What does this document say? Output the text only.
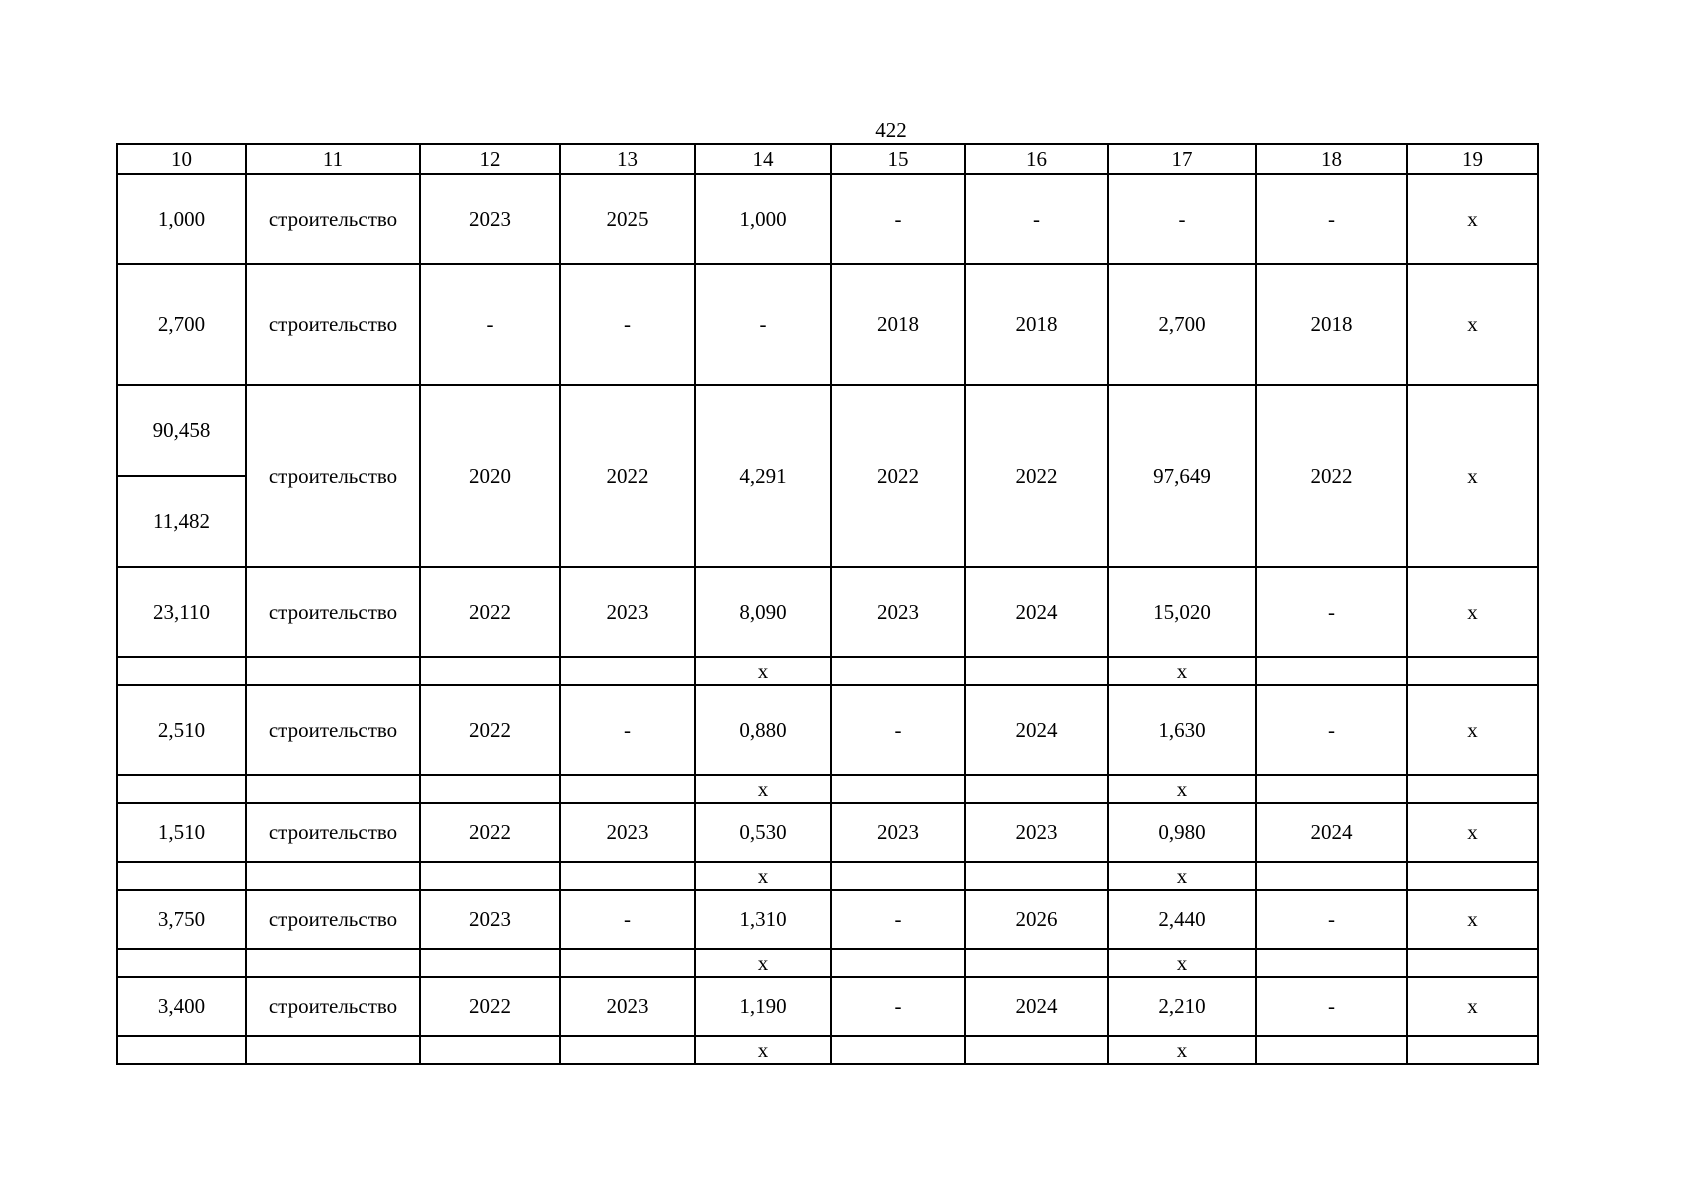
422
10	11	12	13	14	15	16	17	18	19
1,000	строительство	2023	2025	1,000	-	-	-	-	x
2,700	строительство	-	-	-	2018	2018	2,700	2018	x
90,458	строительство	2020	2022	4,291	2022	2022	97,649	2022	x
11,482									
23,110	строительство	2022	2023	8,090	2023	2024	15,020	-	x
				x			x		
2,510	строительство	2022	-	0,880	-	2024	1,630	-	x
				x			x		
1,510	строительство	2022	2023	0,530	2023	2023	0,980	2024	x
				x			x		
3,750	строительство	2023	-	1,310	-	2026	2,440	-	x
				x			x		
3,400	строительство	2022	2023	1,190	-	2024	2,210	-	x
				x			x		
